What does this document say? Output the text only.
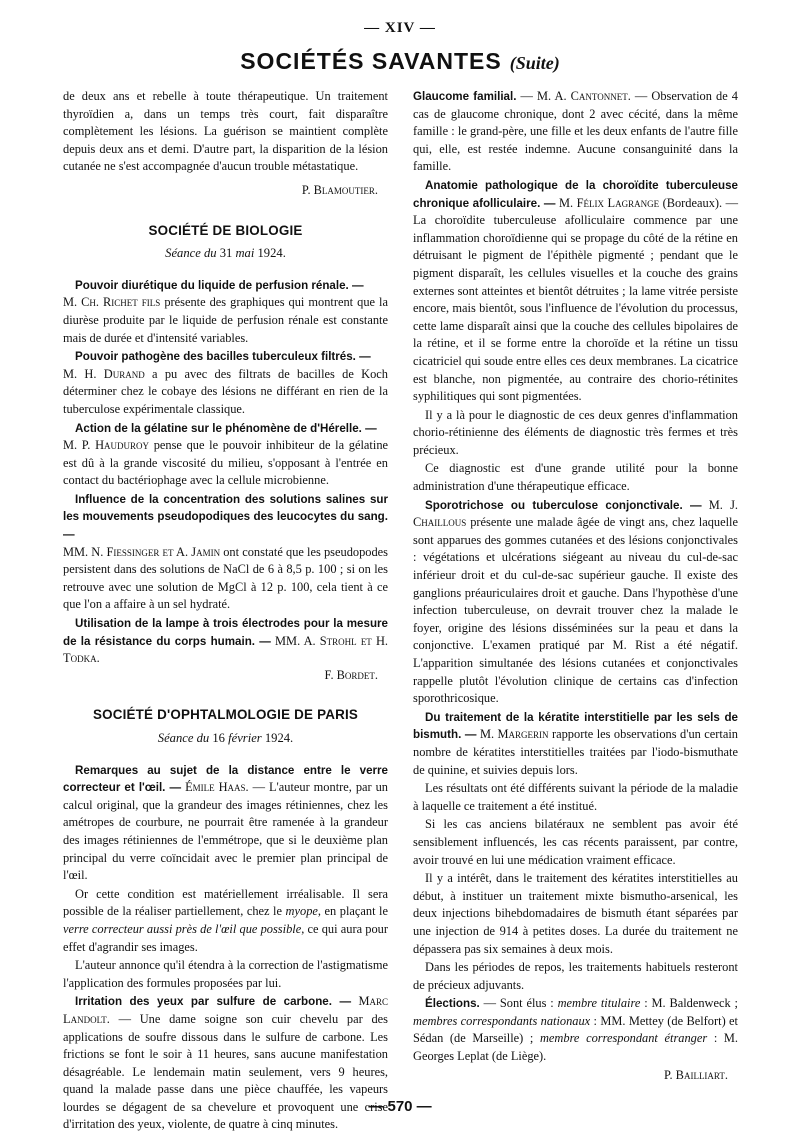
— XIV —
SOCIÉTÉS SAVANTES (Suite)

de deux ans et rebelle à toute thérapeutique. Un traitement thyroïdien a, dans un temps très court, fait disparaître complètement les lésions. La guérison se maintient complète depuis deux ans et demi. D'autre part, la disparition de la lésion cutanée ne s'est accompagnée d'aucun trouble métastatique.

P. Blamoutier.
SOCIÉTÉ DE BIOLOGIE
Séance du 31 mai 1924.

Pouvoir diurétique du liquide de perfusion rénale. —
M. Ch. Richet fils présente des graphiques qui montrent que la diurèse produite par le liquide de perfusion rénale est constante mais de durée et d'intensité variables.

Pouvoir pathogène des bacilles tuberculeux filtrés. —
M. H. Durand a pu avec des filtrats de bacilles de Koch déterminer chez le cobaye des lésions ne différant en rien de la tuberculose expérimentale classique.

Action de la gélatine sur le phénomène de d'Hérelle. —
M. P. Hauduroy pense que le pouvoir inhibiteur de la gélatine est dû à la grande viscosité du milieu, s'opposant à l'entrée en contact du bactériophage avec la cellule microbienne.

Influence de la concentration des solutions salines sur les mouvements pseudopodiques des leucocytes du sang. —
MM. N. Fiessinger et A. Jamin ont constaté que les pseudopodes persistent dans des solutions de NaCl de 6 à 8,5 p. 100 ; si on les retrouve avec une solution de MgCl à 12 p. 100, cela tient à ce que l'on a affaire à un sel hydraté.

Utilisation de la lampe à trois électrodes pour la mesure de la résistance du corps humain. — MM. A. Strohl et H. Todka.

F. Bordet.
SOCIÉTÉ D'OPHTALMOLOGIE DE PARIS
Séance du 16 février 1924.

Remarques au sujet de la distance entre le verre correcteur et l'œil. — Émile Haas. — L'auteur montre, par un calcul original, que la grandeur des images rétiniennes, chez les amétropes de courbure, ne pourrait être ramenée à la grandeur des images rétiniennes de l'emmétrope, que si le deuxième plan principal du verre coïncidait avec le premier plan principal de l'œil.

Or cette condition est matériellement irréalisable. Il sera possible de la réaliser partiellement, chez le myope, en plaçant le verre correcteur aussi près de l'œil que possible, ce qui aura pour effet d'agrandir ses images.

L'auteur annonce qu'il étendra à la correction de l'astigmatisme l'application des formules proposées par lui.

Irritation des yeux par sulfure de carbone. — Marc Landolt. — Une dame soigne son cuir chevelu par des applications de soufre dissous dans le sulfure de carbone. Les frictions se font le soir à 11 heures, sans aucune manifestation désagréable. Le lendemain matin seulement, vers 9 heures, quand la malade passe dans une pièce chauffée, les vapeurs lourdes se dégagent de sa chevelure et provoquent une crise d'irritation des yeux, violente, de quatre à cinq minutes.

Glaucome familial. — M. A. Cantonnet. — Observation de 4 cas de glaucome chronique, dont 2 avec cécité, dans la même famille : le grand-père, une fille et les deux enfants de l'autre fille qui, elle, est restée indemne. Aucune consanguinité dans la famille.

Anatomie pathologique de la choroïdite tuberculeuse chronique afolliculaire. — M. Félix Lagrange (Bordeaux). — La choroïdite tuberculeuse afolliculaire commence par une inflammation choroïdienne qui se propage du côté de la rétine en détruisant le pigment de l'épithèle pigmenté ; pendant que le pigment disparaît, les cellules visuelles et la couche des grains externes sont atteintes et bientôt détruites ; la lame vitrée persiste encore, mais bientôt, sous l'influence de l'évolution du processus, cette lame disparaît ainsi que la couche des cellules bipolaires de la rétine, et il se forme entre la choroïde et la rétine un tissu cicatriciel qui soude entre elles ces deux membranes. La cicatrice est blanche, non pigmentée, au contraire des chorio-rétinites syphilitiques qui sont pigmentées.

Il y a là pour le diagnostic de ces deux genres d'inflammation chorio-rétinienne des éléments de diagnostic très fermes et très précieux.

Ce diagnostic est d'une grande utilité pour la bonne administration d'une thérapeutique efficace.

Sporotrichose ou tuberculose conjonctivale. — M. J. Chaillous présente une malade âgée de vingt ans, chez laquelle sont apparues des gommes cutanées et des lésions conjonctivales : végétations et ulcérations siégeant au niveau du cul-de-sac inférieur droit et du cul-de-sac supérieur gauche. Il existe des ganglions préauriculaires droit et gauche. Dans l'hypothèse d'une infection tuberculeuse, on devrait trouver chez la malade le foyer, origine des lésions disséminées sur la peau et dans la conjonctive. L'examen pratiqué par M. Rist a été négatif. L'apparition simultanée des lésions cutanées et conjonctivales rappelle plutôt l'évolution clinique de certains cas d'infection sporothricosique.

Du traitement de la kératite interstitielle par les sels de bismuth. — M. Margerin rapporte les observations d'un certain nombre de kératites interstitielles traitées par l'iodo-bismuthate de quinine, et suivies depuis lors.

Les résultats ont été différents suivant la période de la maladie à laquelle ce traitement a été institué.

Si les cas anciens bilatéraux ne semblent pas avoir été sensiblement influencés, les cas récents paraissent, par contre, avoir trouvé en lui une médication vraiment efficace.

Il y a intérêt, dans le traitement des kératites interstitielles au début, à instituer un traitement mixte bismutho-arsenical, les deux injections bihebdomadaires de bismuth étant séparées par une injection de 914 à petites doses. La durée du traitement ne dépassera pas six semaines à deux mois.

Dans les périodes de repos, les traitements habituels resteront de précieux adjuvants.

Élections. — Sont élus : membre titulaire : M. Baldenweck ; membres correspondants nationaux : MM. Mettey (de Belfort) et Sédan (de Marseille) ; membre correspondant étranger : M. Georges Leplat (de Liège).

P. Bailliart.
— 570 —
